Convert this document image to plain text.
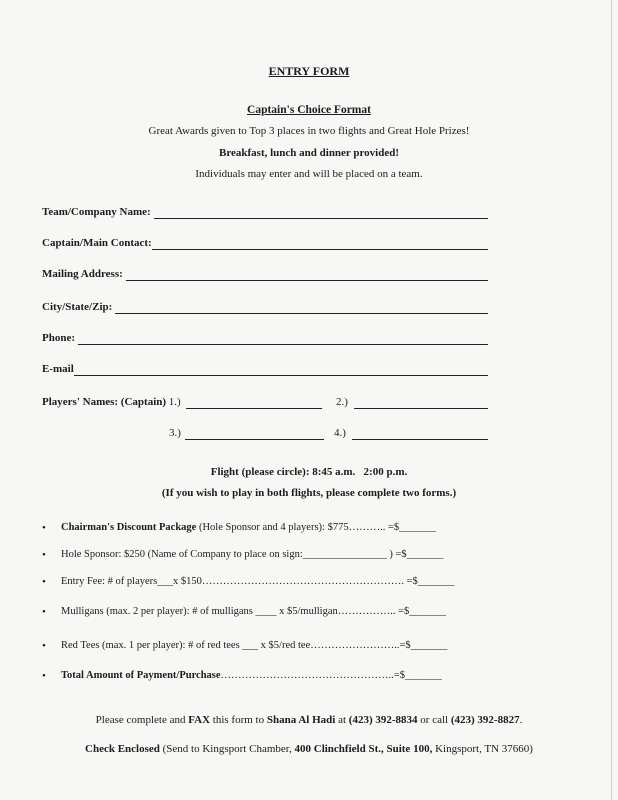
ENTRY FORM
Captain's Choice Format
Great Awards given to Top 3 places in two flights and Great Hole Prizes!
Breakfast, lunch and dinner provided!
Individuals may enter and will be placed on a team.
Team/Company Name:
Captain/Main Contact:
Mailing Address:
City/State/Zip:
Phone:
E-mail
Players' Names: (Captain) 1.)	2.)
3.)	4.)
Flight (please circle): 8:45 a.m.   2:00 p.m.
(If you wish to play in both flights, please complete two forms.)
• Chairman's Discount Package (Hole Sponsor and 4 players): $775……….. =$_______
• Hole Sponsor: $250 (Name of Company to place on sign:________________ ) =$_______
• Entry Fee: # of players___x $150…………………………………………………. =$_______
• Mulligans (max. 2 per player): # of mulligans ____ x $5/mulligan…………….. =$_______
• Red Tees (max. 1 per player): # of red tees ___ x $5/red tee……………………..=$_______
• Total Amount of Payment/Purchase…………………………………………..=$_______
Please complete and FAX this form to Shana Al Hadi at (423) 392-8834 or call (423) 392-8827.
Check Enclosed (Send to Kingsport Chamber, 400 Clinchfield St., Suite 100, Kingsport, TN 37660)
